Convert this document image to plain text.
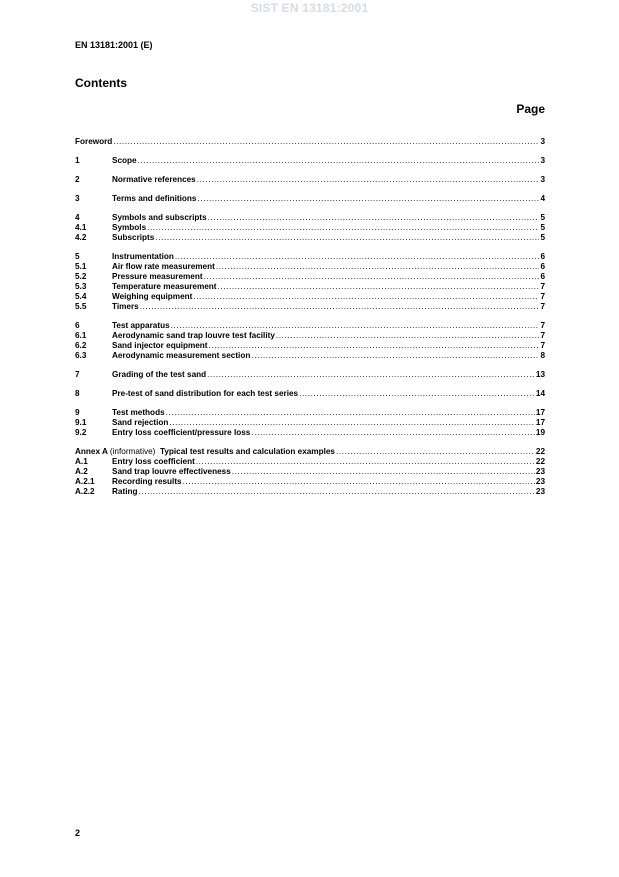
SIST EN 13181:2001
EN 13181:2001 (E)
Contents
Page
Foreword .....	3
1	Scope .....	3
2	Normative references .....	3
3	Terms and definitions .....	4
4	Symbols and subscripts .....	5
4.1	Symbols .....	5
4.2	Subscripts .....	5
5	Instrumentation .....	6
5.1	Air flow rate measurement .....	6
5.2	Pressure measurement .....	6
5.3	Temperature measurement .....	7
5.4	Weighing equipment .....	7
5.5	Timers .....	7
6	Test apparatus .....	7
6.1	Aerodynamic sand trap louvre test facility .....	7
6.2	Sand injector equipment .....	7
6.3	Aerodynamic measurement section .....	8
7	Grading of the test sand .....	13
8	Pre-test of sand distribution for each test series .....	14
9	Test methods .....	17
9.1	Sand rejection .....	17
9.2	Entry loss coefficient/pressure loss .....	19
Annex A (informative)  Typical test results and calculation examples .....	22
A.1	Entry loss coefficient .....	22
A.2	Sand trap louvre effectiveness .....	23
A.2.1	Recording results .....	23
A.2.2	Rating .....	23
2
